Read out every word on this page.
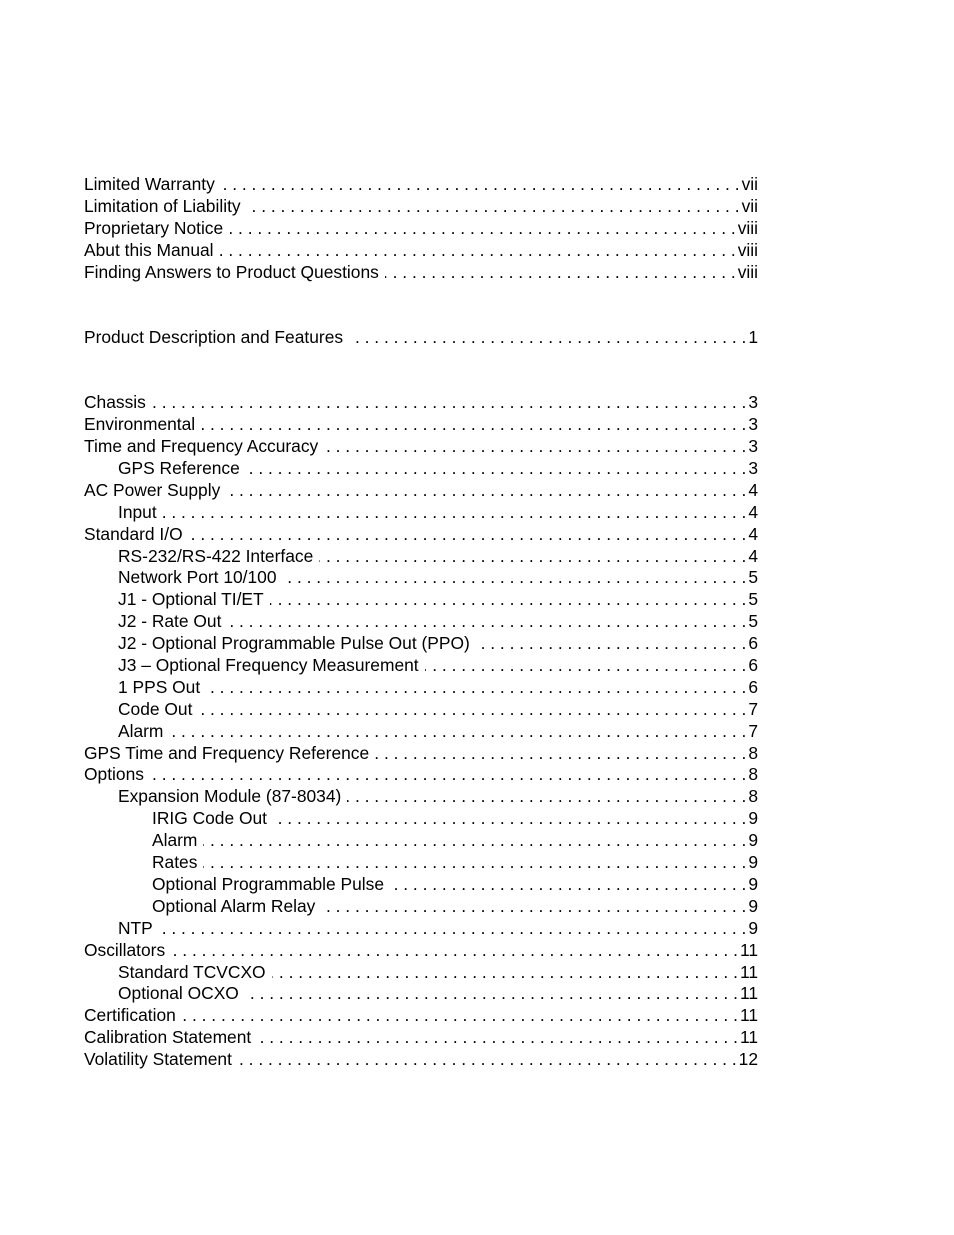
Limited Warranty . . .	vii
Limitation of Liability . . .	vii
Proprietary Notice . . .	viii
Abut this Manual . . .	viii
Finding Answers to Product Questions . . .	viii
Product Description and Features . . .	1
Chassis . . .	3
Environmental . . .	3
Time and Frequency Accuracy . . .	3
GPS Reference . . .	3
AC Power Supply . . .	4
Input . . .	4
Standard I/O . . .	4
RS-232/RS-422 Interface . . .	4
Network Port 10/100 . . .	5
J1 - Optional TI/ET . . .	5
J2 - Rate Out . . .	5
J2 - Optional Programmable Pulse Out (PPO) . . .	6
J3 – Optional Frequency Measurement . . .	6
1 PPS Out . . .	6
Code Out . . .	7
Alarm . . .	7
GPS Time and Frequency Reference . . .	8
Options . . .	8
Expansion Module (87-8034) . . .	8
IRIG Code Out . . .	9
Alarm . . .	9
Rates . . .	9
Optional Programmable Pulse . . .	9
Optional Alarm Relay . . .	9
NTP . . .	9
Oscillators . . .	11
Standard TCVCXO . . .	11
Optional OCXO . . .	11
Certification . . .	11
Calibration Statement . . .	11
Volatility Statement . . .	12
